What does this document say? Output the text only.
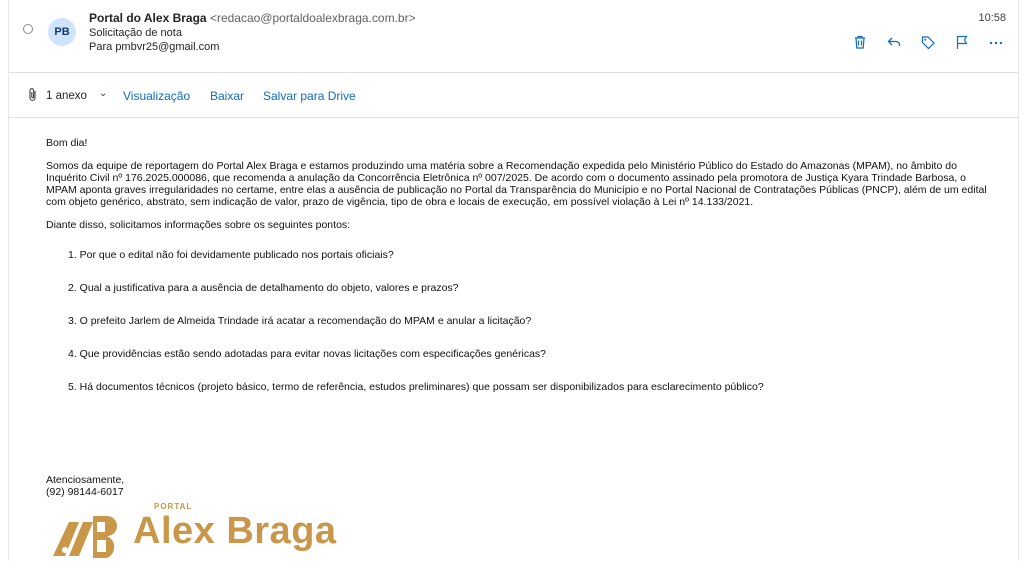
PB
Portal do Alex Braga <redacao@portaldoalexbraga.com.br>
Solicitação de nota
Para pmbvr25@gmail.com
10:58
1 anexo ⌄ Visualização Baixar Salvar para Drive

Bom dia!

Somos da equipe de reportagem do Portal Alex Braga e estamos produzindo uma matéria sobre a Recomendação expedida pelo Ministério Público do Estado do Amazonas (MPAM), no âmbito do Inquérito Civil nº 176.2025.000086, que recomenda a anulação da Concorrência Eletrônica nº 007/2025. De acordo com o documento assinado pela promotora de Justiça Kyara Trindade Barbosa, o MPAM aponta graves irregularidades no certame, entre elas a ausência de publicação no Portal da Transparência do Município e no Portal Nacional de Contratações Públicas (PNCP), além de um edital com objeto genérico, abstrato, sem indicação de valor, prazo de vigência, tipo de obra e locais de execução, em possível violação à Lei nº 14.133/2021.

Diante disso, solicitamos informações sobre os seguintes pontos:

1. Por que o edital não foi devidamente publicado nos portais oficiais?
2. Qual a justificativa para a ausência de detalhamento do objeto, valores e prazos?
3. O prefeito Jarlem de Almeida Trindade irá acatar a recomendação do MPAM e anular a licitação?
4. Que providências estão sendo adotadas para evitar novas licitações com especificações genéricas?
5. Há documentos técnicos (projeto básico, termo de referência, estudos preliminares) que possam ser disponibilizados para esclarecimento público?
Atenciosamente,
(92) 98144-6017
PORTAL
Alex Braga
